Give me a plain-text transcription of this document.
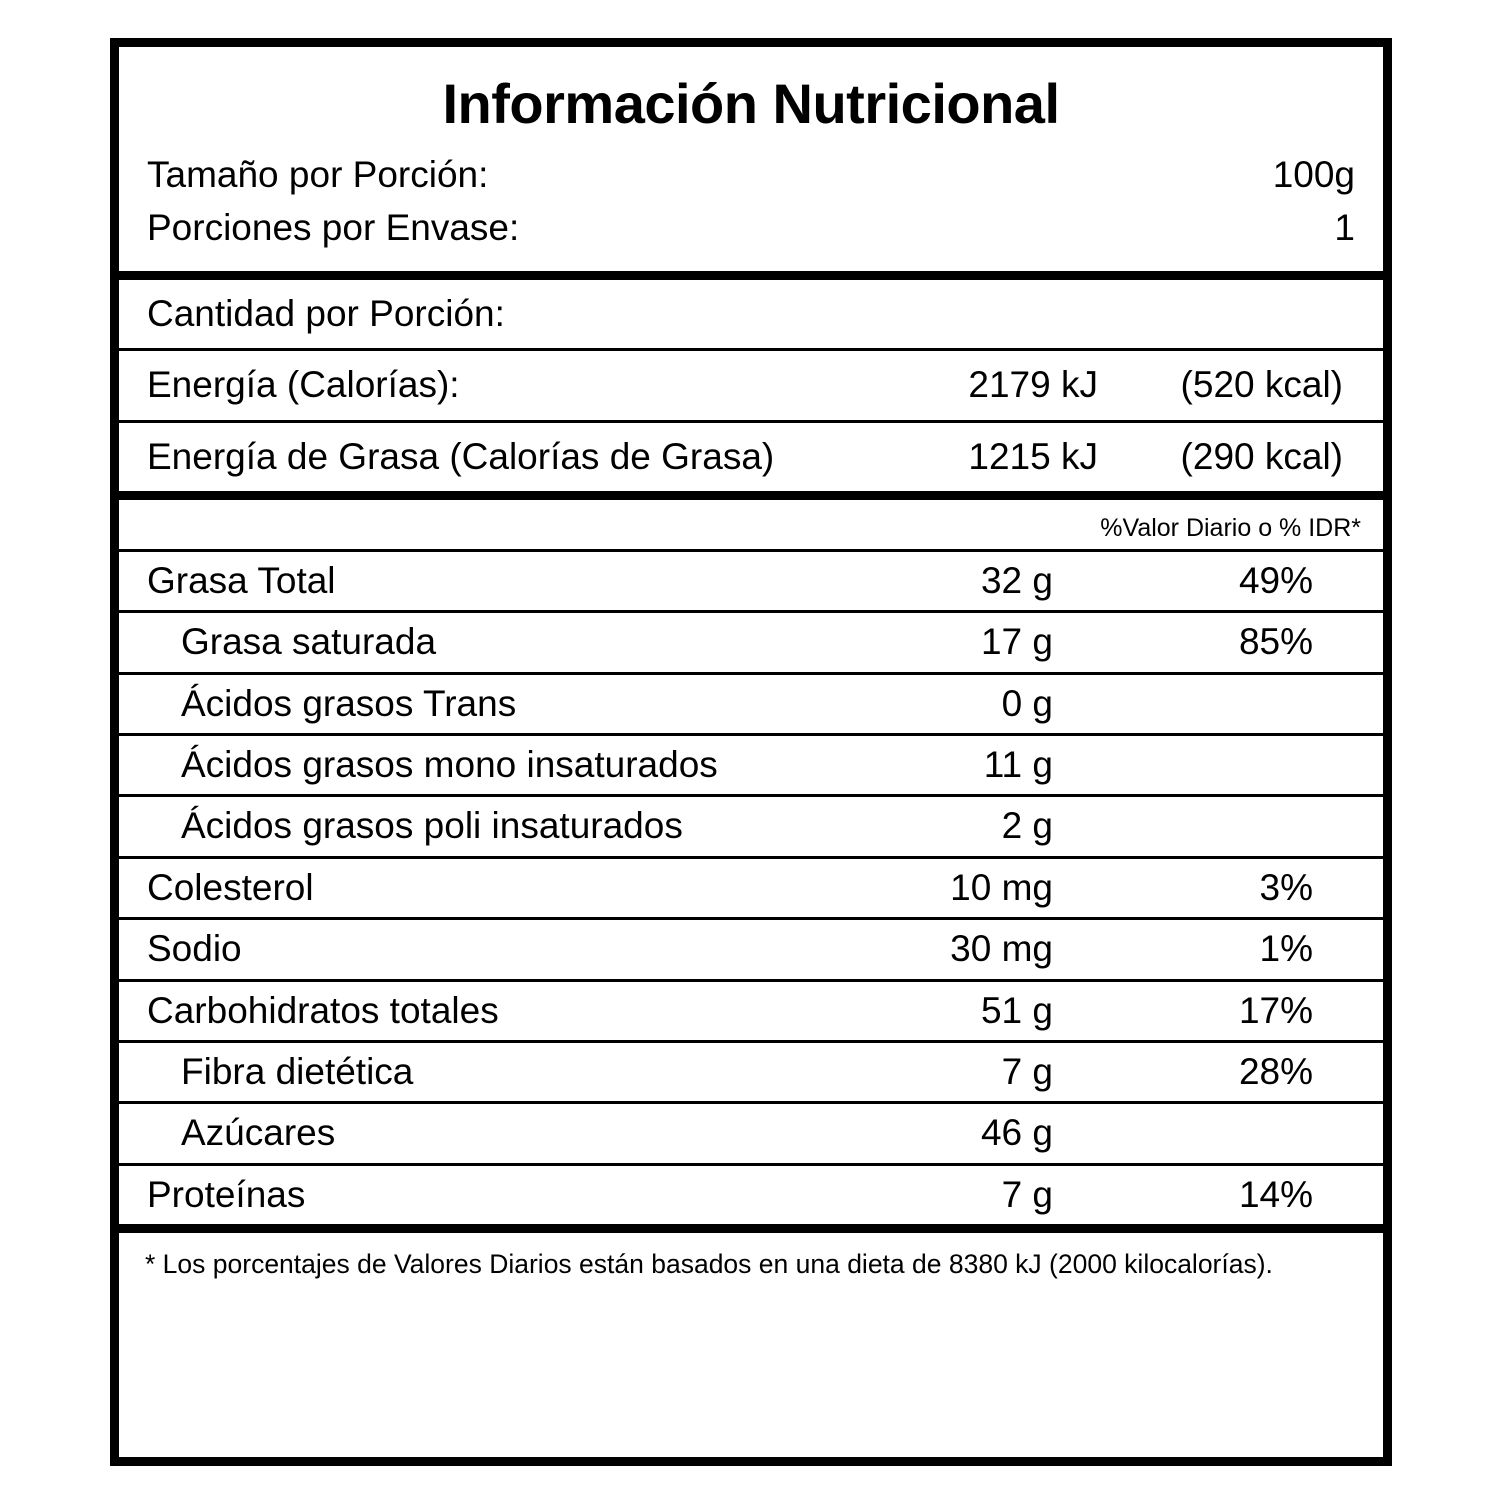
Información Nutricional
Tamaño por Porción:	100g
Porciones por Envase:	1
Cantidad por Porción:
Energía (Calorías):	2179 kJ	(520 kcal)
Energía de Grasa (Calorías de Grasa)	1215 kJ	(290 kcal)
%Valor Diario o % IDR*
Grasa Total	32 g	49%
Grasa saturada	17 g	85%
Ácidos grasos Trans	0 g
Ácidos grasos mono insaturados	11 g
Ácidos grasos poli insaturados	2 g
Colesterol	10 mg	3%
Sodio	30 mg	1%
Carbohidratos totales	51 g	17%
Fibra dietética	7 g	28%
Azúcares	46 g
Proteínas	7 g	14%
* Los porcentajes de Valores Diarios están basados en una dieta de 8380 kJ (2000 kilocalorías).
